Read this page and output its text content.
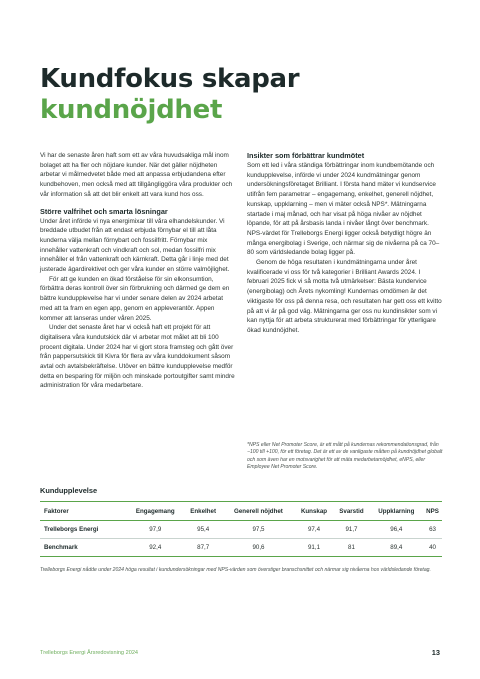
Kundfokus skapar
kundnöjdhet

Vi har de senaste åren haft som ett av våra huvudsakliga mål inom bolaget att ha fler och nöjdare kunder. När det gäller nöjdheten arbetar vi målmedvetet både med att anpassa erbjudandena efter kundbehoven, men också med att tillgängliggöra våra produkter och vår information så att det blir enkelt att vara kund hos oss.

Större valfrihet och smarta lösningar

Under året införde vi nya energimixar till våra elhandelskunder. Vi breddade utbudet från att endast erbjuda förnybar el till att låta kunderna välja mellan förnybart och fossilfritt. Förnybar mix innehåller vattenkraft och vindkraft och sol, medan fossilfri mix innehåller el från vattenkraft och kärnkraft. Detta går i linje med det justerade ägardirektivet och ger våra kunder en större valmöjlighet.

För att ge kunden en ökad förståelse för sin elkonsumtion, förbättra deras kontroll över sin förbrukning och därmed ge dem en bättre kundupplevelse har vi under senare delen av 2024 arbetat med att ta fram en egen app, genom en appleverantör. Appen kommer att lanseras under våren 2025.

Under det senaste året har vi också haft ett projekt för att digitalisera våra kundutskick där vi arbetar mot målet att bli 100 procent digitala. Under 2024 har vi gjort stora framsteg och gått över från pappersutskick till Kivra för flera av våra kunddokument såsom avtal och avtalsbekräftelse. Utöver en bättre kundupplevelse medför detta en besparing för miljön och minskade portoutgifter samt mindre administration för våra medarbetare.

Insikter som förbättrar kundmötet

Som ett led i våra ständiga förbättringar inom kundbemötande och kundupplevelse, införde vi under 2024 kundmätningar genom undersökningsföretaget Brilliant. I första hand mäter vi kundservice utifrån fem parametrar – engagemang, enkelhet, generell nöjdhet, kunskap, uppklarning – men vi mäter också NPS*. Mätningarna startade i maj månad, och har visat på höga nivåer av nöjdhet löpande, för att på årsbasis landa i nivåer långt över benchmark. NPS-värdet för Trelleborgs Energi ligger också betydligt högre än många energibolag i Sverige, och närmar sig de nivåerna på ca 70–80 som världsledande bolag ligger på.

Genom de höga resultaten i kundmätningarna under året kvalificerade vi oss för två kategorier i Brilliant Awards 2024. I februari 2025 fick vi så motta två utmärkelser: Bästa kundervice (energibolag) och Årets nykomling! Kundernas omdömen är det viktigaste för oss på denna resa, och resultaten har gett oss ett kvitto på att vi är på god väg. Mätningarna ger oss nu kundinsikter som vi kan nyttja för att arbeta strukturerat med förbättringar för ytterligare ökad kundnöjdhet.

*NPS eller Net Promoter Score, är ett mått på kundernas rekommendationsgrad, från −100 till +100, för ett företag. Det är ett av de vanligaste måtten på kundnöjdhet globalt och som även har en motsvarighet för att mäta medarbetarnöjdhet, eNPS, eller Employee Net Promoter Score.

Kundupplevelse

Faktorer	Engagemang	Enkelhet	Generell nöjdhet	Kunskap	Svarstid	Uppklarning	NPS
Trelleborgs Energi	97,9	95,4	97,5	97,4	91,7	96,4	63
Benchmark	92,4	87,7	90,6	91,1	81	89,4	40

Trelleborgs Energi nådde under 2024 höga resultat i kundundersökningar med NPS-värden som överstiger branschsnittet och närmar sig nivåerna hos världsledande företag.

Trelleborgs Energi Årsredovisning 2024	13
